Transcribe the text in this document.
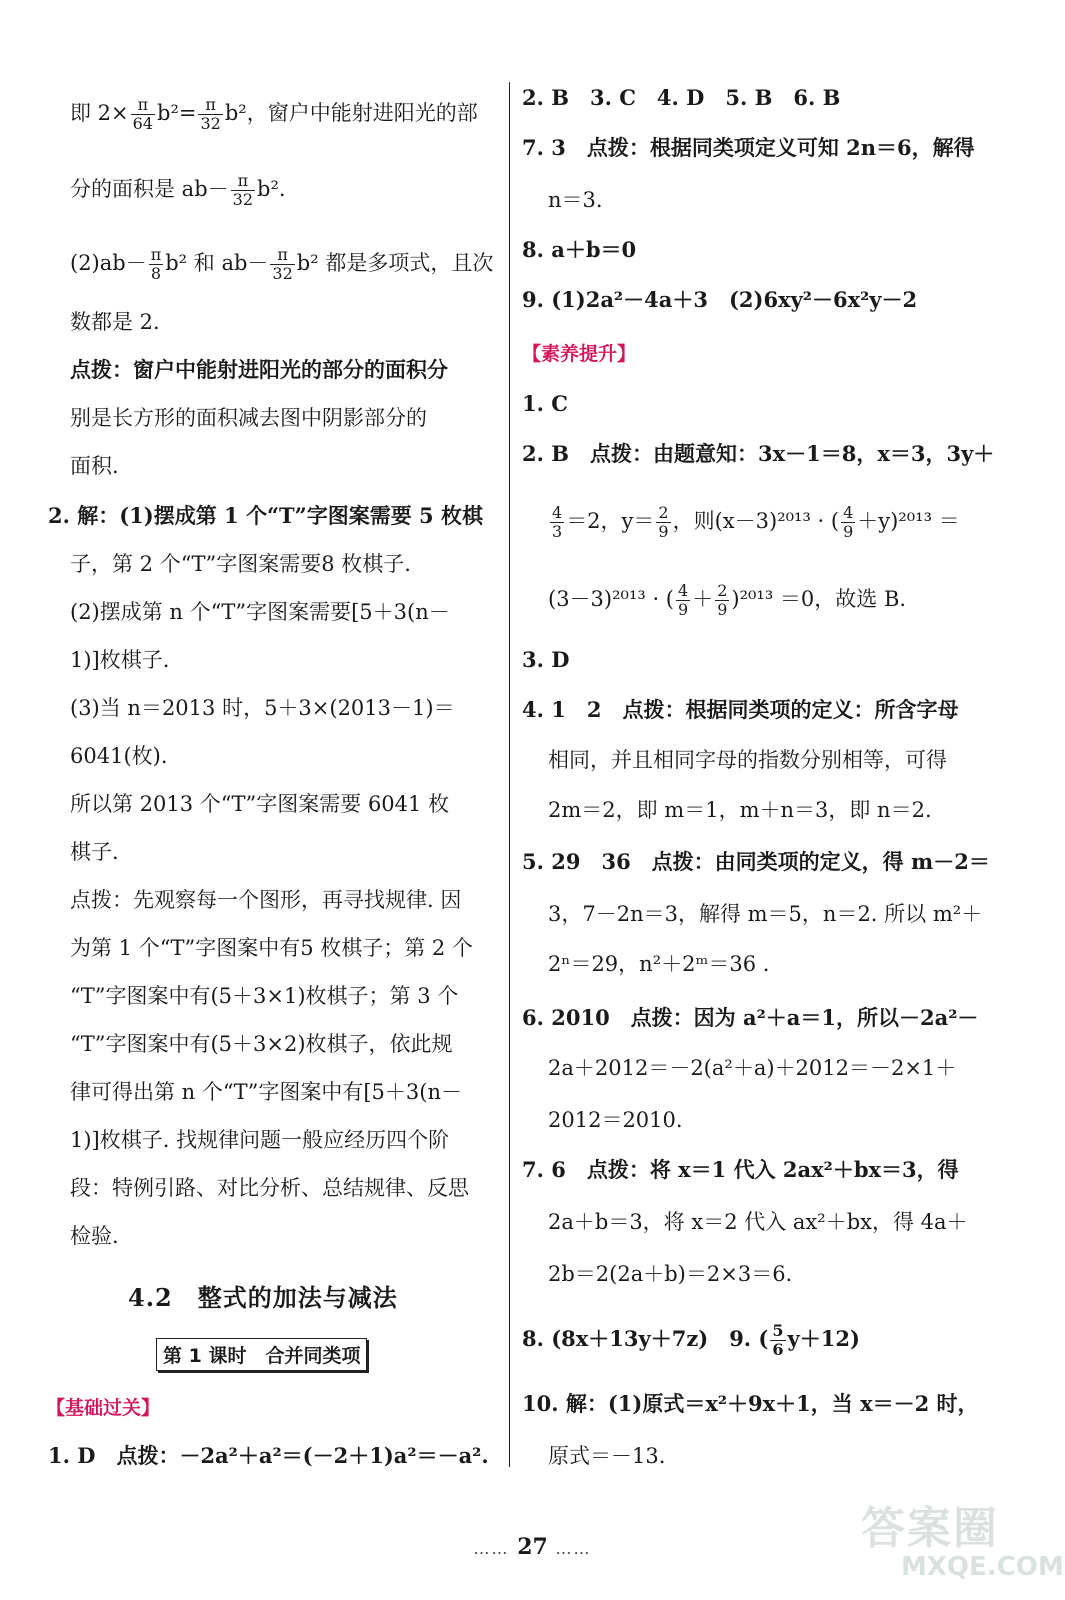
即 $2\times \frac{\pi}{64} b^2= \frac{\pi}{32} b^2$，窗户中能射进阳光的部
分的面积是 $ab- \frac{\pi}{32} b^2$.
$(2)ab- \frac{\pi}{8} b^2$ 和 $ab- \frac{\pi}{32} b^2$ 都是多项式，且次
数都是 2.
点拨：窗户中能射进阳光的部分的面积分
别是长方形的面积减去图中阴影部分的
面积.
2. 解：(1)摆成第 1 个“T”字图案需要 5 枚棋
子，第 2 个“T”字图案需要8 枚棋子.
(2)摆成第 n 个“T”字图案需要[5＋3(n－
1)]枚棋子.
(3)当 n＝2013 时，5＋3×(2013－1)＝
6041(枚).
所以第 2013 个“T”字图案需要 6041 枚
棋子.
点拨：先观察每一个图形，再寻找规律. 因
为第 1 个“T”字图案中有5 枚棋子；第 2 个
“T”字图案中有(5＋3×1)枚棋子；第 3 个
“T”字图案中有(5＋3×2)枚棋子，依此规
律可得出第 n 个“T”字图案中有[5＋3(n－
1)]枚棋子. 找规律问题一般应经历四个阶
段：特例引路、对比分析、总结规律、反思
检验.
4.2　整式的加法与减法
第 1 课时　合并同类项
【基础过关】
1. D　点拨：－2a²＋a²＝(－2＋1)a²＝－a².
2. B　3. C　4. D　5. B　6. B
7. 3　点拨：根据同类项定义可知 2n＝6，解得
n＝3.
8. a＋b＝0
9. (1)2a²－4a＋3　(2)6xy²－6x²y－2
【素养提升】
1. C
2. B　点拨：由题意知：3x－1＝8，x＝3，3y＋
$\frac{4}{3} =2$，$y= \frac{2}{9}$ ，则(x－3)²⁰¹³ · ( $\frac{4}{9} +y)^{2013}$ ＝
(3－3)²⁰¹³ · ( $\frac{4}{9} + \frac{2}{9} )^{2013} =0$，故选 B.
3. D
4. 1　2　点拨：根据同类项的定义：所含字母
相同，并且相同字母的指数分别相等，可得
2m＝2，即 m＝1，m＋n＝3，即 n＝2.
5. 29　36　点拨：由同类项的定义，得 m－2＝
3，7－2n＝3，解得 m＝5，n＝2. 所以 m²＋
2ⁿ＝29，n²＋2ᵐ＝36 .
6. 2010　点拨：因为 a²＋a＝1，所以－2a²－
2a＋2012＝－2(a²＋a)＋2012＝－2×1＋
2012＝2010.
7. 6　点拨：将 x＝1 代入 2ax²＋bx＝3，得
2a＋b＝3，将 x＝2 代入 ax²＋bx，得 4a＋
2b＝2(2a＋b)＝2×3＝6.
8. (8x＋13y＋7z)　9. ( $\frac{5}{6} y+12$)
10. 解：(1)原式＝x²＋9x＋1，当 x＝－2 时，
原式＝－13.
…… 27 ……	答案圈
MXQE.COM
